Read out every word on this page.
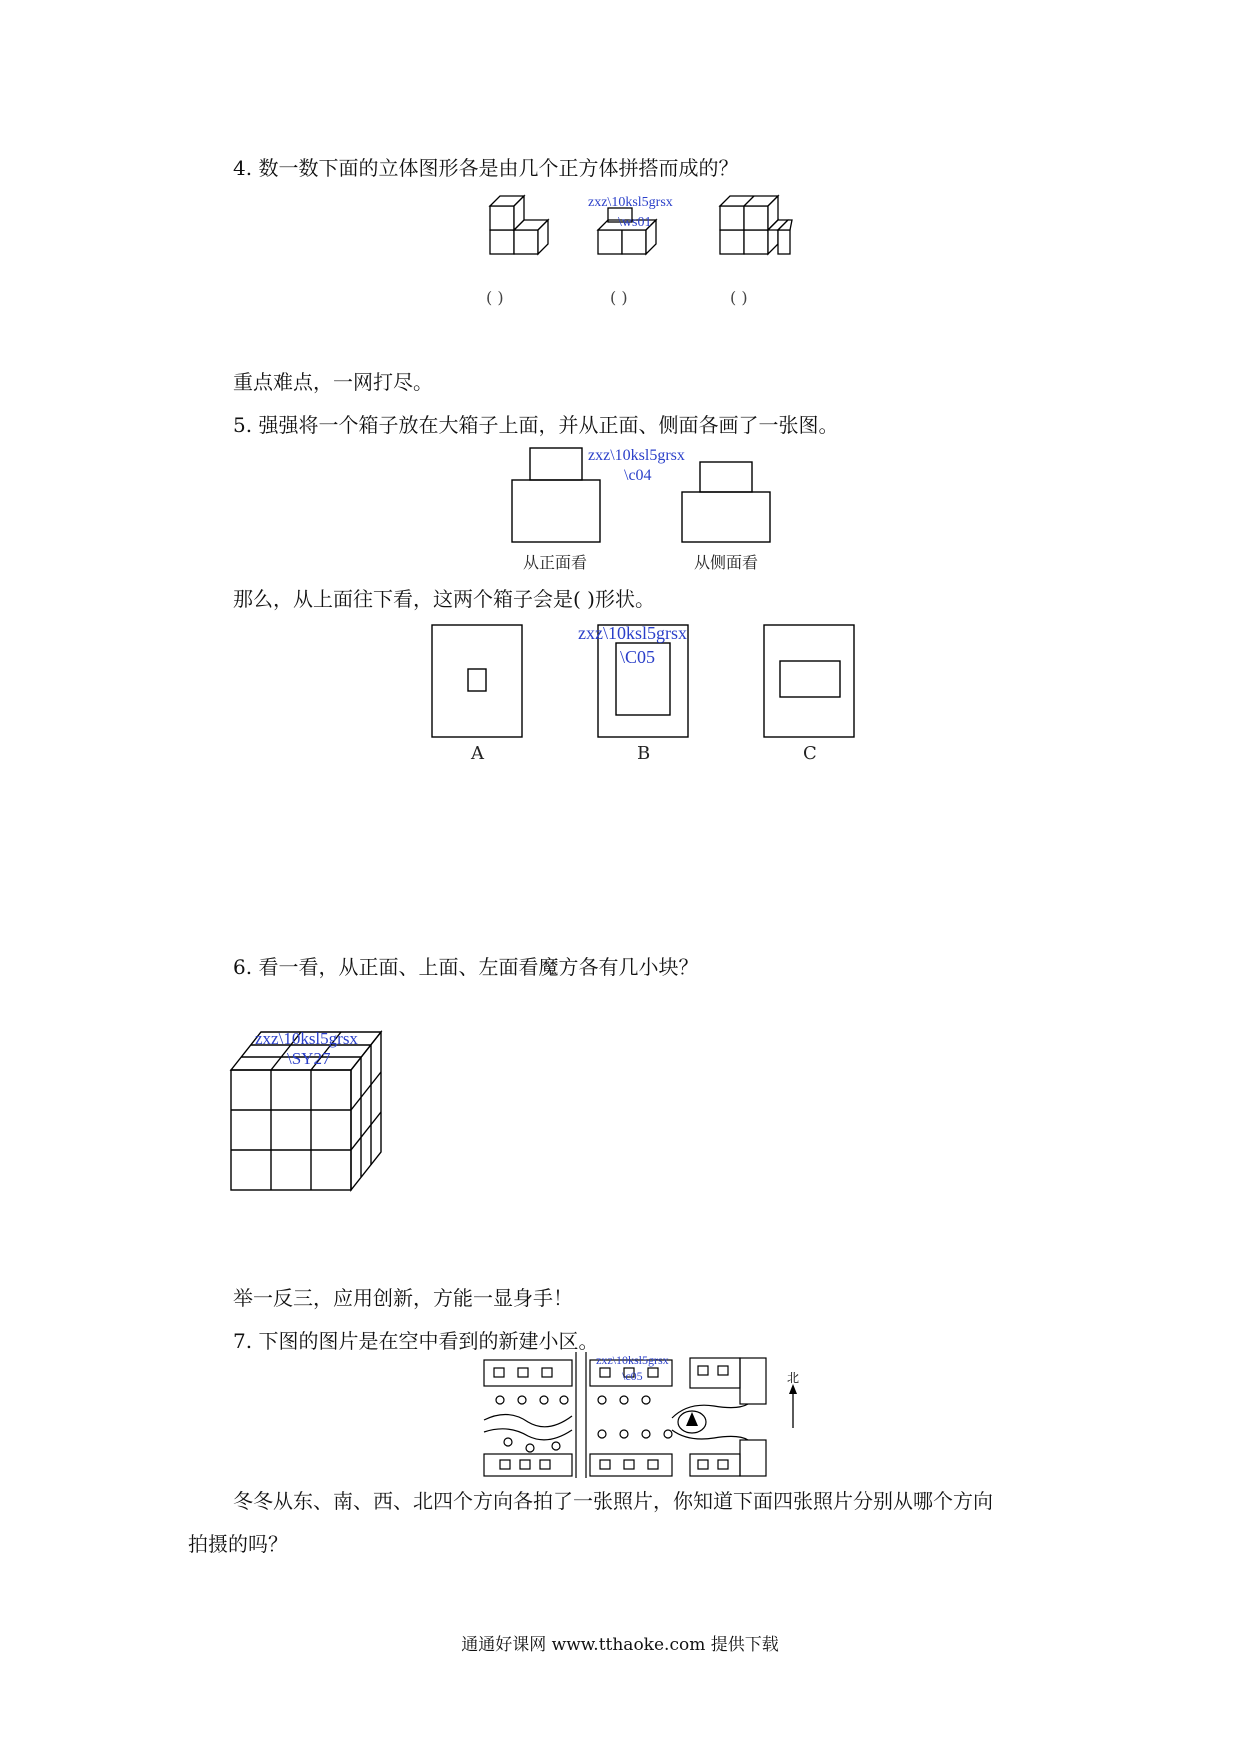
4. 数一数下面的立体图形各是由几个正方体拼搭而成的？
zxz\10ksl5grsx
\ws01
( )	( )	( )
重点难点，一网打尽。
5. 强强将一个箱子放在大箱子上面，并从正面、侧面各画了一张图。
zxz\10ksl5grsx
\c04
从正面看	从侧面看
那么，从上面往下看，这两个箱子会是( )形状。
zxz\10ksl5grsx
\C05
A	B	C
6. 看一看，从正面、上面、左面看魔方各有几小块？
zxz\10ksl5grsx
\SY27
举一反三，应用创新，方能一显身手！
7. 下图的图片是在空中看到的新建小区。
北
zxz\10ksl5grsx
\c05
冬冬从东、南、西、北四个方向各拍了一张照片，你知道下面四张照片分别从哪个方向
拍摄的吗？
通通好课网 www.tthaoke.com 提供下载
